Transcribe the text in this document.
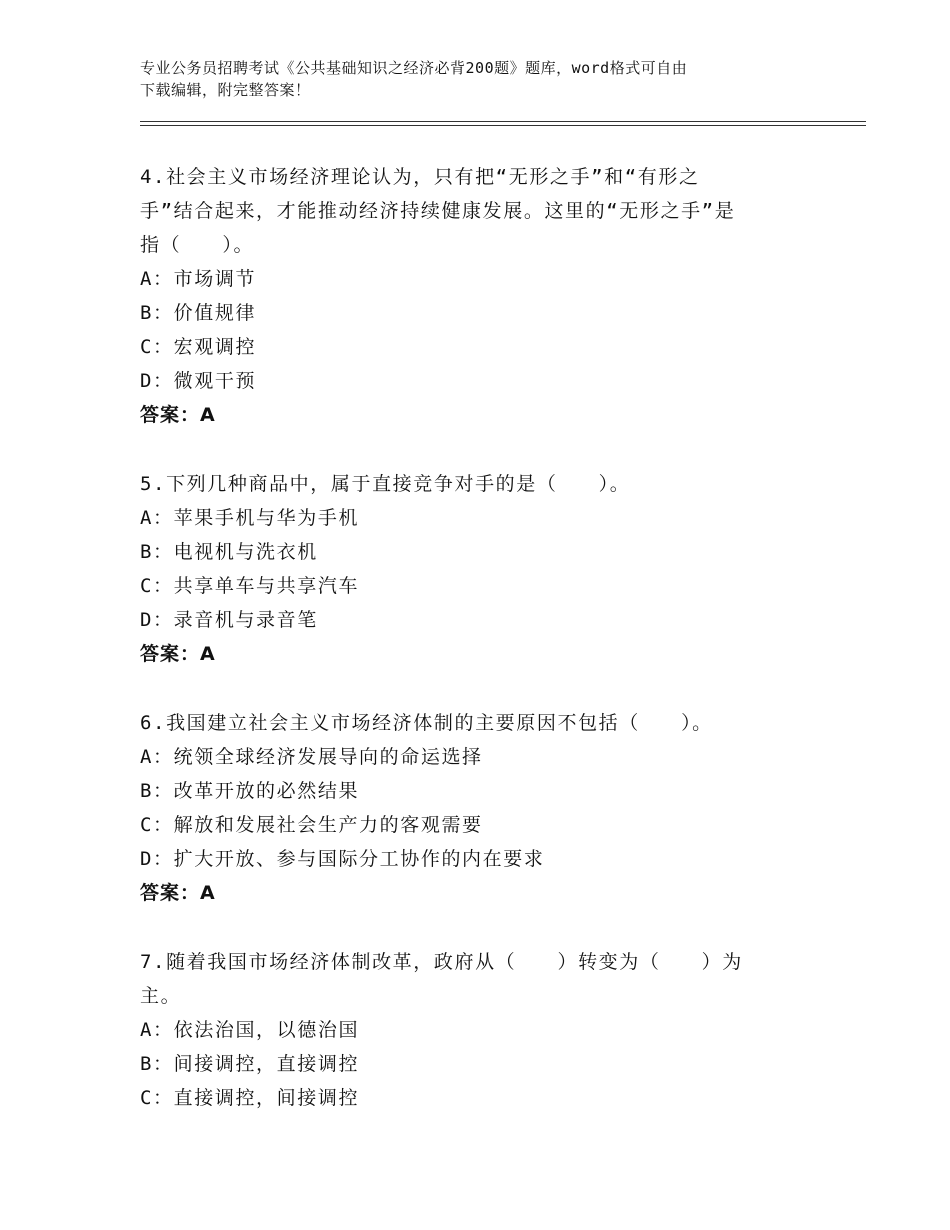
专业公务员招聘考试《公共基础知识之经济必背200题》题库，word格式可自由
下载编辑，附完整答案！

4.社会主义市场经济理论认为，只有把“无形之手”和“有形之

手”结合起来，才能推动经济持续健康发展。这里的“无形之手”是

指（　　）。

A：市场调节

B：价值规律

C：宏观调控

D：微观干预

答案：A

5.下列几种商品中，属于直接竞争对手的是（　　）。

A：苹果手机与华为手机

B：电视机与洗衣机

C：共享单车与共享汽车

D：录音机与录音笔

答案：A

6.我国建立社会主义市场经济体制的主要原因不包括（　　）。

A：统领全球经济发展导向的命运选择

B：改革开放的必然结果

C：解放和发展社会生产力的客观需要

D：扩大开放、参与国际分工协作的内在要求

答案：A

7.随着我国市场经济体制改革，政府从（　　）转变为（　　）为

主。

A：依法治国，以德治国

B：间接调控，直接调控

C：直接调控，间接调控
